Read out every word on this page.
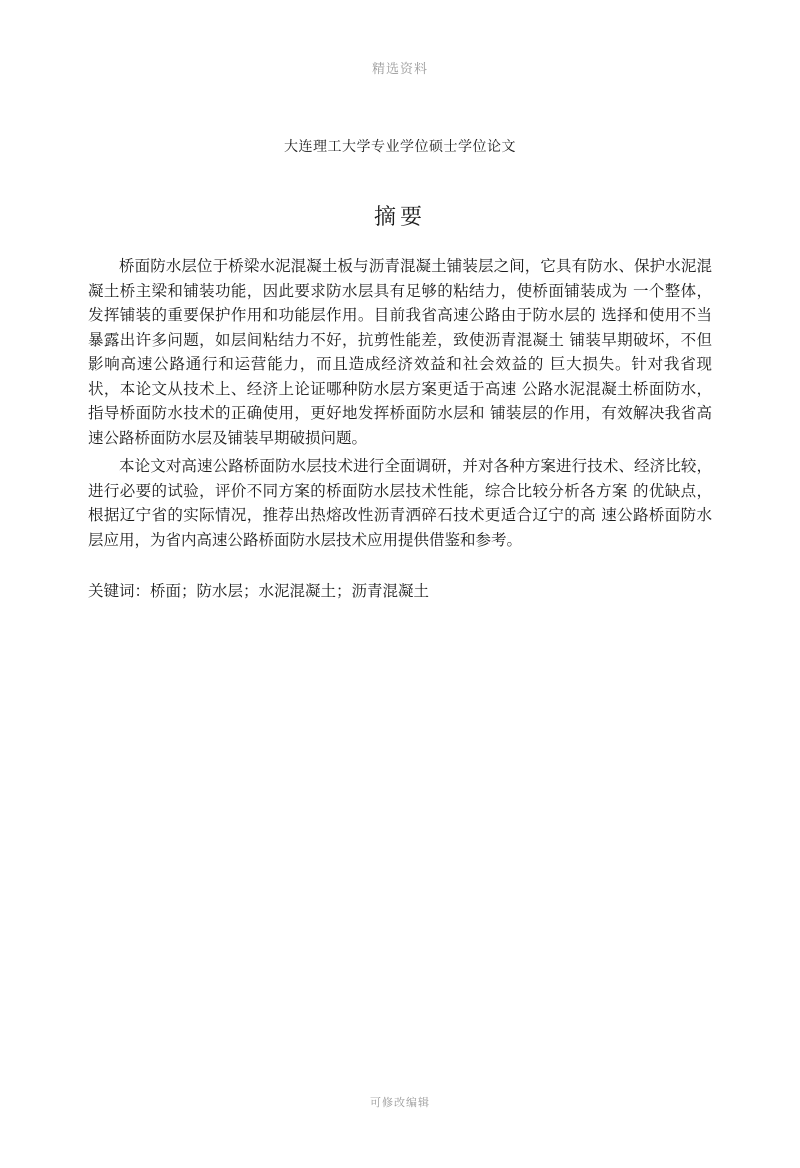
精选资料
大连理工大学专业学位硕士学位论文
摘要

桥面防水层位于桥梁水泥混凝土板与沥青混凝土铺装层之间，它具有防水、保护水泥混凝土桥主梁和铺装功能，因此要求防水层具有足够的粘结力，使桥面铺装成为 一个整体，发挥铺装的重要保护作用和功能层作用。目前我省高速公路由于防水层的 选择和使用不当暴露出许多问题，如层间粘结力不好，抗剪性能差，致使沥青混凝土 铺装早期破坏，不但影响高速公路通行和运营能力，而且造成经济效益和社会效益的 巨大损失。针对我省现状，本论文从技术上、经济上论证哪种防水层方案更适于高速 公路水泥混凝土桥面防水，指导桥面防水技术的正确使用，更好地发挥桥面防水层和 铺装层的作用，有效解决我省高速公路桥面防水层及铺装早期破损问题。

本论文对高速公路桥面防水层技术进行全面调研，并对各种方案进行技术、经济比较，进行必要的试验，评价不同方案的桥面防水层技术性能，综合比较分析各方案 的优缺点，根据辽宁省的实际情况，推荐出热熔改性沥青洒碎石技术更适合辽宁的高 速公路桥面防水层应用，为省内高速公路桥面防水层技术应用提供借鉴和参考。

关键词：桥面；防水层；水泥混凝土；沥青混凝土
可修改编辑
